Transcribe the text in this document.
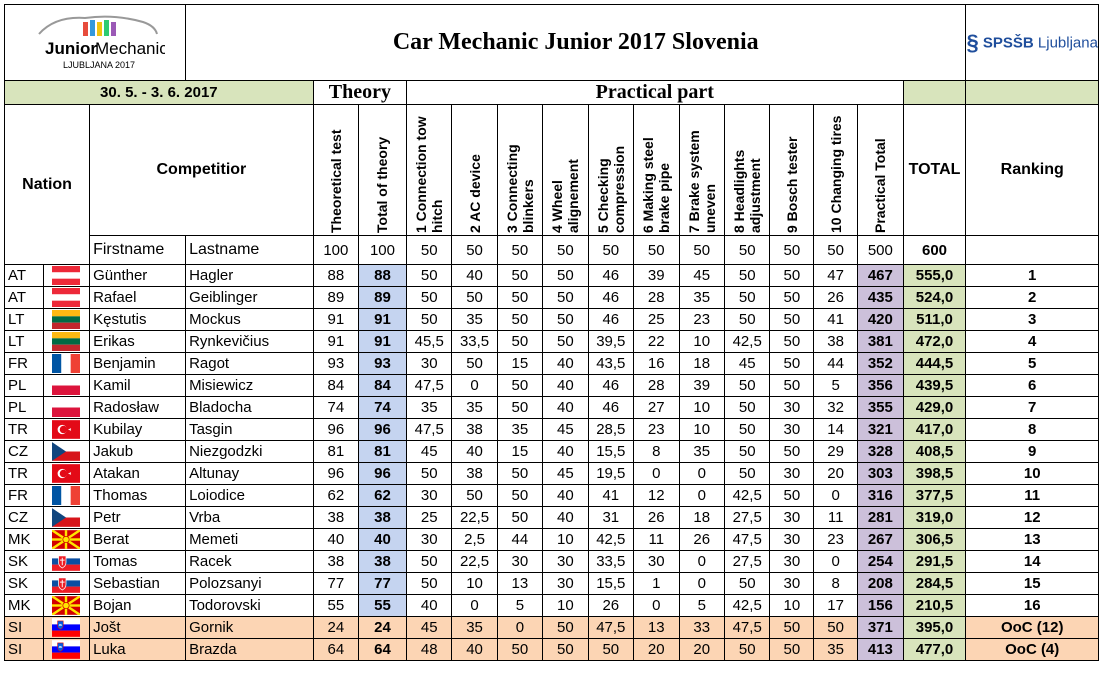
Junior
Mechanic
LJUBLJANA 2017			Car Mechanic Junior 2017 Slovenia															§ SPSŠB Ljubljana
30. 5. - 3. 6. 2017				Theory		Practical part												
Nation		Competitior		Theoretical test	Total of theory	1 Connection tow hitch	2 AC device	3 Connecting blinkers	4 Wheel alignement	5 Checking compression	6 Making steel brake pipe	7 Brake system uneven	8 Headlights adjustment	9 Bosch tester	10 Changing tires	Practical Total	TOTAL	Ranking
		Firstname	Lastname	100	100	50	50	50	50	50	50	50	50	50	50	500	600	
AT		Günther	Hagler	88	88	50	40	50	50	46	39	45	50	50	47	467	555,0	1
AT		Rafael	Geiblinger	89	89	50	50	50	50	46	28	35	50	50	26	435	524,0	2
LT		Kęstutis	Mockus	91	91	50	35	50	50	46	25	23	50	50	41	420	511,0	3
LT		Erikas	Rynkevičius	91	91	45,5	33,5	50	50	39,5	22	10	42,5	50	38	381	472,0	4
FR		Benjamin	Ragot	93	93	30	50	15	40	43,5	16	18	45	50	44	352	444,5	5
PL		Kamil	Misiewicz	84	84	47,5	0	50	40	46	28	39	50	50	5	356	439,5	6
PL		Radosław	Bladocha	74	74	35	35	50	40	46	27	10	50	30	32	355	429,0	7
TR		Kubilay	Tasgin	96	96	47,5	38	35	45	28,5	23	10	50	30	14	321	417,0	8
CZ		Jakub	Niezgodzki	81	81	45	40	15	40	15,5	8	35	50	50	29	328	408,5	9
TR		Atakan	Altunay	96	96	50	38	50	45	19,5	0	0	50	30	20	303	398,5	10
FR		Thomas	Loiodice	62	62	30	50	50	40	41	12	0	42,5	50	0	316	377,5	11
CZ		Petr	Vrba	38	38	25	22,5	50	40	31	26	18	27,5	30	11	281	319,0	12
MK		Berat	Memeti	40	40	30	2,5	44	10	42,5	11	26	47,5	30	23	267	306,5	13
SK		Tomas	Racek	38	38	50	22,5	30	30	33,5	30	0	27,5	30	0	254	291,5	14
SK		Sebastian	Polozsanyi	77	77	50	10	13	30	15,5	1	0	50	30	8	208	284,5	15
MK		Bojan	Todorovski	55	55	40	0	5	10	26	0	5	42,5	10	17	156	210,5	16
SI		Jošt	Gornik	24	24	45	35	0	50	47,5	13	33	47,5	50	50	371	395,0	OoC (12)
SI		Luka	Brazda	64	64	48	40	50	50	50	20	20	50	50	35	413	477,0	OoC (4)
